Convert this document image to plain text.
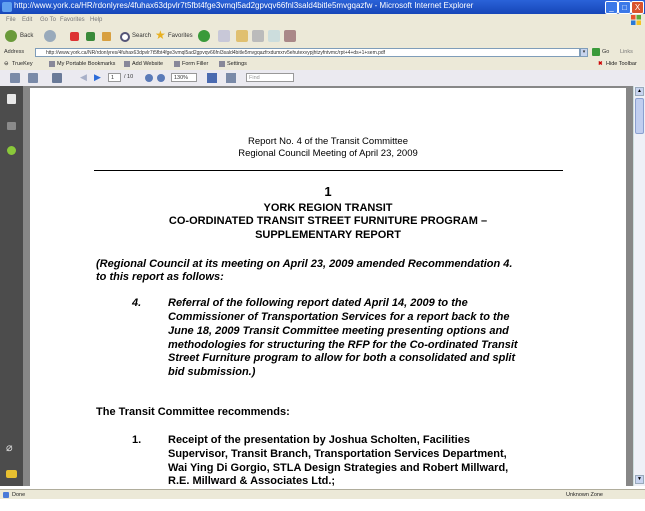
http://www.york.ca/HR/rdonlyres/4fuhax63dpvlr7t5fbt4fge3vmql5ad2gpvqv66fnl3sald4bitle5mvgqazfw - Microsoft Internet Explorer	_	□ X
File Edit Go To Favorites Help
Back	Search ★ Favorites
Address	http://www.york.ca/NR/rdonlyres/4fuhax63dpvlr7t5fbt4fge3vmql5ad2gpvqv66fnl3sald4bitle5mvgqazfrxdumxrv5ehutexvypjhtzyfntvmc/rpt+4+ds+1+sem.pdf	▾	Go Links
⊖ TrueKey	My Portable Bookmarks	Add Website	Form Filler	Settings	✖ Hide Toolbar
◀ ▶	1	/ 10	130%	Find
⌀
Report No. 4 of the Transit Committee
Regional Council Meeting of April 23, 2009
1
YORK REGION TRANSIT
CO-ORDINATED TRANSIT STREET FURNITURE PROGRAM –
SUPPLEMENTARY REPORT
(Regional Council at its meeting on April 23, 2009 amended Recommendation 4.
to this report as follows:
4. Referral of the following report dated April 14, 2009 to the
Commissioner of Transportation Services for a report back to the
June 18, 2009 Transit Committee meeting presenting options and
methodologies for structuring the RFP for the Co-ordinated Transit
Street Furniture program to allow for both a consolidated and split
bid submission.)
The Transit Committee recommends:
1. Receipt of the presentation by Joshua Scholten, Facilities
Supervisor, Transit Branch, Transportation Services Department,
Wai Ying Di Gorgio, STLA Design Strategies and Robert Millward,
R.E. Millward & Associates Ltd.;
▲
▼
Done	Unknown Zone
